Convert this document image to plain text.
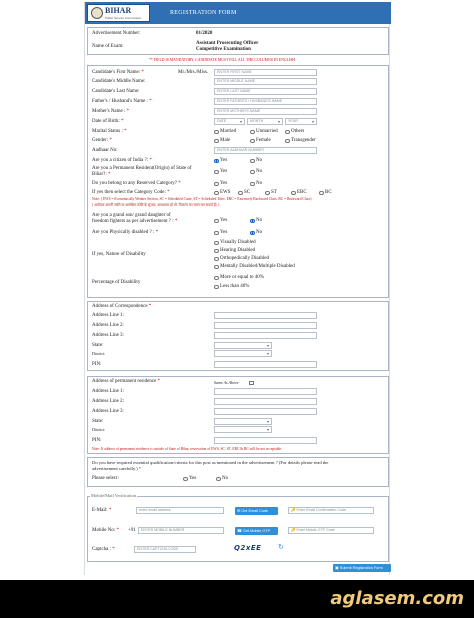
BIHAR
Public Service Commission
REGISTRATION FORM
Advertisement Number:	01/2020
Name of Exam:
Assistant Prosecuting Officer
Competitive Examination
** FIELD IS MANDATORY, CANDIDATE MUST FILL ALL THE COLUMNS IN ENGLISH
Candidate's First Name: *	Mr./Mrs./Miss.	ENTER FIRST NAME
Candidate's Middle Name:	ENTER MIDDLE NAME
Candidate's Last Name:	ENTER LAST NAME
Father's / Husband's Name : *	ENTER FATHER'S / HUSBAND'S NAME
Mother's Name : *	ENTER MOTHER'S NAME
Date of Birth: *	DATE ▾	MONTH ▾	YEAR ▾
Marital Status : *	Married	Unmarried	Others
Gender: *	Male	Female	Transgender
Aadhaar No:	ENTER AADHAAR NUMBER
Are you a citizen of India ?: *	Yes	No
Are you a Permanent Resident(Origin) of State of
Bihar?: *
Yes	No
Do you belong to any Reserved Category? *	Yes	No
If yes then select the Category Code: *	EWS	SC	ST	EBC	BC
Note: ( EWS = Economically Weaker Section, SC = Scheduled Caste, ST = Scheduled Tribe, EBC = Extremely Backward Class, BC = Backward Class)
( आवेदक अपनी जाति या आरक्षित कोटि के सूचक, आवश्यक हो तो, विकल्प का चयन कर सकते हैं। )
Are you a grand son/ grand daughter of
freedom fighters as per advertisement ? : *	Yes	No
Are you Physically disabled ? : *	Yes	No
If yes, Nature of Disability
Visually Disabled
Hearing Disabled
Orthopedically Disabled
Mentally Disabled/Multiple Disabled
Percentage of Disability
More or equal to 40%
Less than 40%
Address of Correspondence *
Address Line 1:
Address Line 2:
Address Line 3:
State:
▾
District:
▾
PIN:
Address of permanent residence *	Same As Above
Address Line 1:
Address Line 2:
Address Line 3:
State:
▾
District:
▾
PIN:
Note: If address of permanent residence is outside of State of Bihar, reservation of EWS, SC, ST, EBC & BC will be not acceptable.
Do you have required essential qualification/criteria for this post as mentioned in the advertisement ? (For details please read the
advertisement carefully.) *
Please select:	Yes	No
Mobile/Mail Verification
E-Mail: *	enter email address	✉Get Email Code	🔑 Enter Email Confirmation Code
Mobile No: * +91	ENTER MOBILE NUMBER	☎Get Mobile OTP	🔑 Enter Mobile OTP Code
Captcha : *	ENTER CAPTCHA CODE	Q2xEE ↻
▣Submit Registration Form
aglasem.com
